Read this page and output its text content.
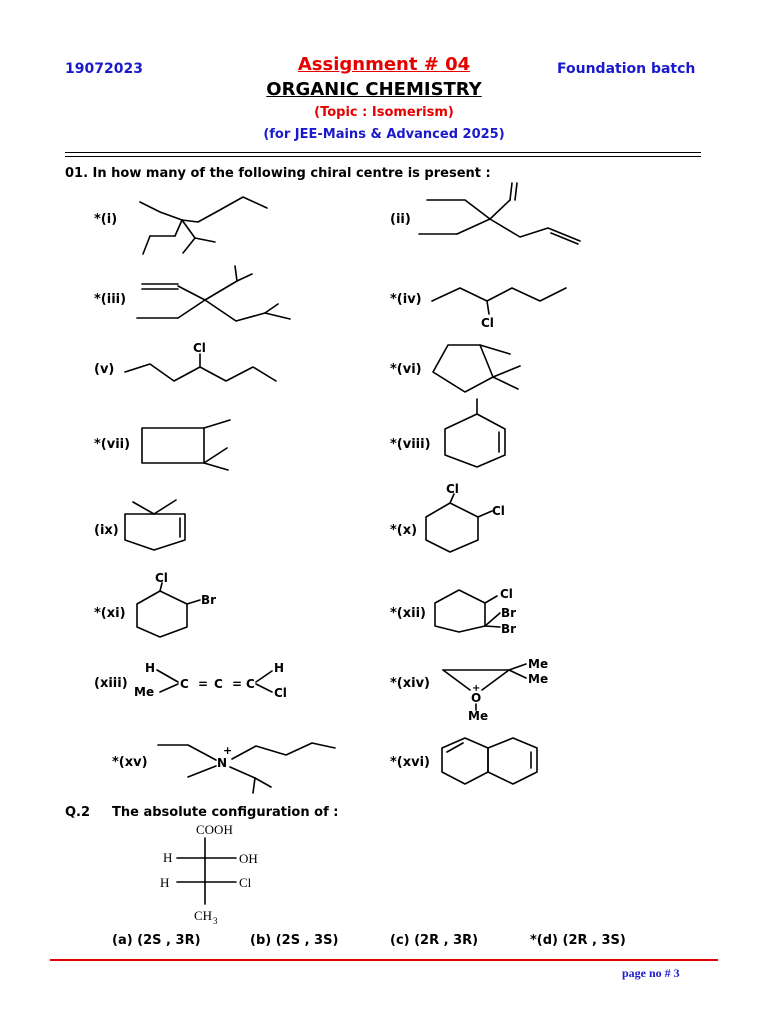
19072023	Assignment # 04
ORGANIC CHEMISTRY
(Topic : Isomerism)
(for JEE-Mains & Advanced 2025)
Foundation batch
01. In how many of the following chiral centre is present :
*(i)	(ii)
*(iii)	*(iv)
(v)	*(vi)
*(vii)	*(viii)
(ix)	*(x)
*(xi)	*(xii)
(xiii)	*(xiv)
*(xv)	*(xvi)
Cl
Cl
Cl
Cl
Cl
Br	Cl
Br
Br
H
Me
C = C = C
H
Cl
Me
Me
+
O
Me
+
N
COOH
H	OH
H	Cl
CH 3
Q.2 The absolute configuration of :
(a) (2S , 3R)	(b) (2S , 3S)	(c) (2R , 3R)	*(d) (2R , 3S)
page no # 3
